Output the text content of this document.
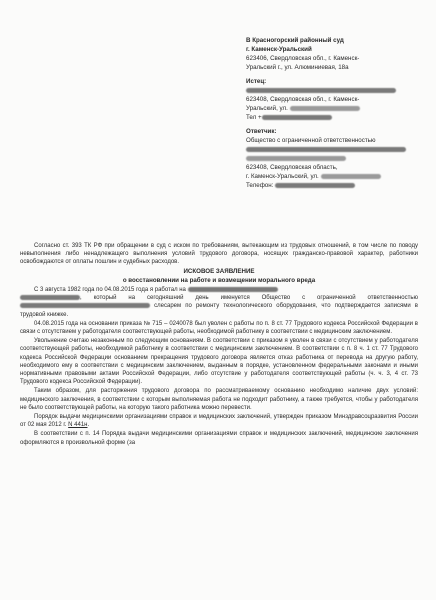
В Красногорский районный суд
г. Каменск-Уральский
623406, Свердловская обл., г. Каменск-
Уральский г., ул. Алюминиевая, 18а
Истец:
623408, Свердловская обл., г. Каменск-
Уральский, ул.
Тел +
Ответчик:
Общество с ограниченной ответственностью
623408, Свердловская область,
г. Каменск-Уральский, ул.
Телефон:

Согласно ст. 393 ТК РФ при обращении в суд с иском по требованиям, вытекающим из трудовых отношений, в том числе по поводу невыполнения либо ненадлежащего выполнения условий трудового договора, носящих гражданско-правовой характер, работники освобождаются от оплаты пошлин и судебных расходов.

ИСКОВОЕ ЗАЯВЛЕНИЕ

о восстановлении на работе и возмещении морального вреда

С 3 августа 1982 года по 04.08.2015 года я работал на
, который на сегодняшний день именуется Общество с ограниченной ответственностью  слесарем по ремонту технологического оборудования, что подтверждается записями в трудовой книжке.

04.08.2015 года на основании приказа № 715 – 0240078 был уволен с работы по п. 8 ст. 77 Трудового кодекса Российской Федерации в связи с отсутствием у работодателя соответствующей работы, необходимой работнику в соответствии с медицинским заключением.

Увольнение считаю незаконным по следующим основаниям. В соответствии с приказом я уволен в связи с отсутствием у работодателя соответствующей работы, необходимой работнику в соответствии с медицинским заключением. В соответствии с п. 8 ч. 1 ст. 77 Трудового кодекса Российской Федерации основанием прекращения трудового договора является отказ работника от перевода на другую работу, необходимого ему в соответствии с медицинским заключением, выданным в порядке, установленном федеральными законами и иными нормативными правовыми актами Российской Федерации, либо отсутствие у работодателя соответствующей работы (ч. ч. 3, 4 ст. 73 Трудового кодекса Российской Федерации).

Таким образом, для расторжения трудового договора по рассматриваемому основанию необходимо наличие двух условий: медицинского заключения, в соответствии с которым выполняемая работа не подходит работнику, а также требуется, чтобы у работодателя не было соответствующей работы, на которую такого работника можно перевести.

Порядок выдачи медицинскими организациями справок и медицинских заключений, утвержден приказом Минздравсоцразвития России от 02 мая 2012 г. N 441н.

В соответствии с п. 14 Порядка выдачи медицинскими организациями справок и медицинских заключений, медицинские заключения оформляются в произвольной форме (за
